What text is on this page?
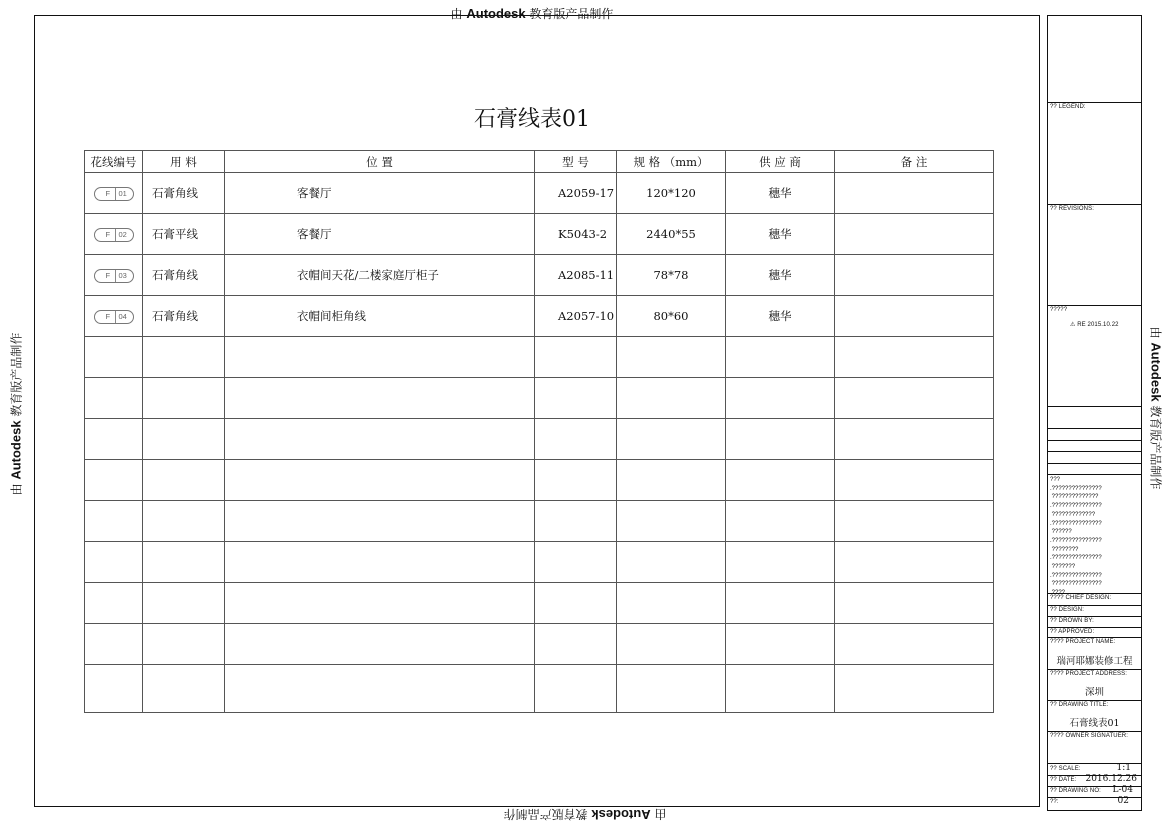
由 Autodesk 教育版产品制作
由 Autodesk 教育版产品制作
由 Autodesk 教育版产品制作	由 Autodesk 教育版产品制作
石膏线表01
花线编号	用 料	位 置	型 号	规 格 （mm）	供 应 商	备 注

F 01	石膏角线	客餐厅	A2059-17	120*120	穗华	

F 02	石膏平线	客餐厅	K5043-2	2440*55	穗华	

F 03	石膏角线	衣帽间天花/二楼家庭厅柜子	A2085-11	78*78	穗华	

F 04	石膏角线	衣帽间柜角线	A2057-10	80*60	穗华	

?? LEGEND:
?? REVISIONS:
?????
⚠ RE 2015.10.22
???
.???????????????
??????????????
.???????????????
?????????????
.???????????????
??????
.???????????????
????????
.???????????????
???????
.???????????????
???????????????
????
???? CHIEF DESIGN:
?? DESIGN:
?? DROWN BY:
?? APPROVED:
???? PROJECT NAME:
瑞河耶娜装修工程
???? PROJECT ADDRESS:
深圳
?? DRAWING TITLE:
石膏线表01
???? OWNER SIGNATUER:
?? SCALE:	1:1
?? DATE: 2016.12.26
?? DRAWING NO: L-04
??:	02
